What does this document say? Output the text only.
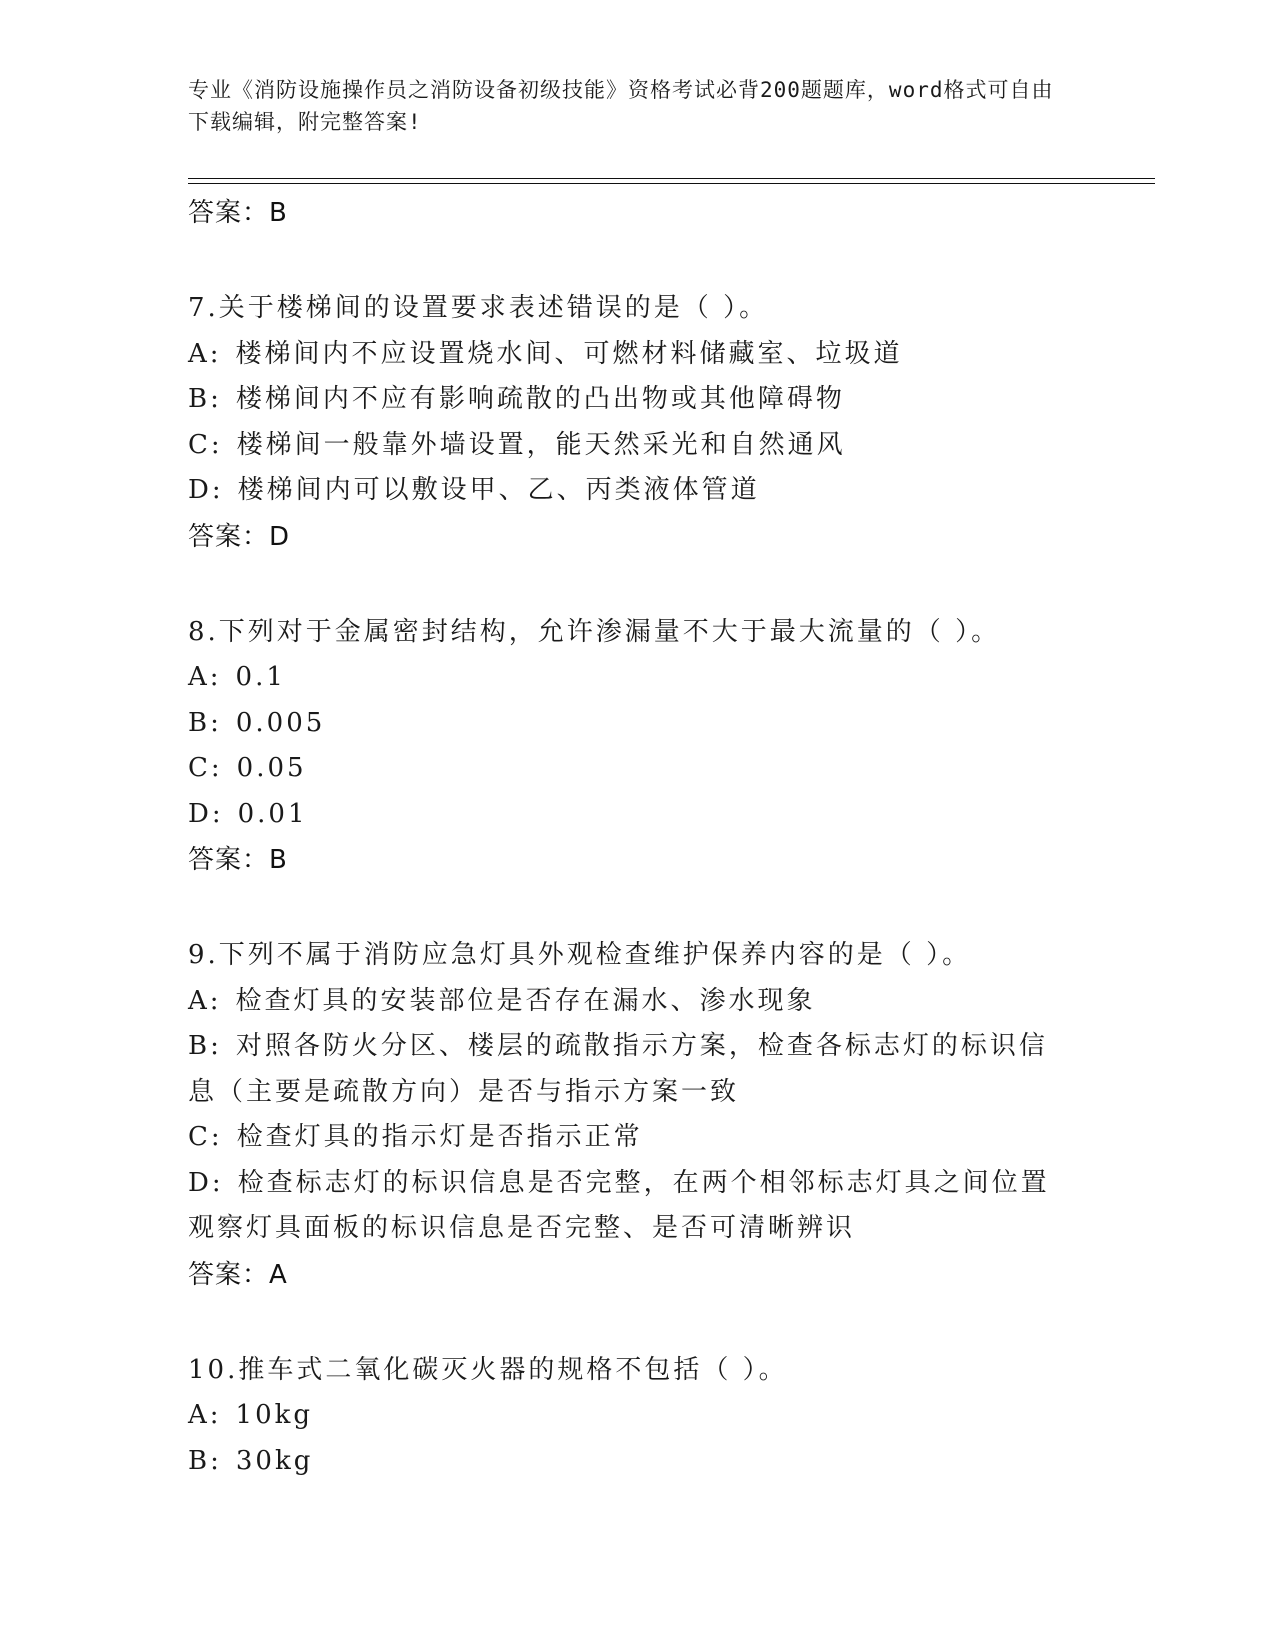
专业《消防设施操作员之消防设备初级技能》资格考试必背200题题库，word格式可自由下载编辑，附完整答案!
答案：B
7.关于楼梯间的设置要求表述错误的是（ ）。
A: 楼梯间内不应设置烧水间、可燃材料储藏室、垃圾道
B: 楼梯间内不应有影响疏散的凸出物或其他障碍物
C: 楼梯间一般靠外墙设置，能天然采光和自然通风
D: 楼梯间内可以敷设甲、乙、丙类液体管道
答案：D
8.下列对于金属密封结构，允许渗漏量不大于最大流量的（ ）。
A: 0.1
B: 0.005
C: 0.05
D: 0.01
答案：B
9.下列不属于消防应急灯具外观检查维护保养内容的是（ ）。
A: 检查灯具的安装部位是否存在漏水、渗水现象
B: 对照各防火分区、楼层的疏散指示方案，检查各标志灯的标识信息（主要是疏散方向）是否与指示方案一致
C: 检查灯具的指示灯是否指示正常
D: 检查标志灯的标识信息是否完整，在两个相邻标志灯具之间位置观察灯具面板的标识信息是否完整、是否可清晰辨识
答案：A
10.推车式二氧化碳灭火器的规格不包括（ ）。
A: 10kg
B: 30kg
